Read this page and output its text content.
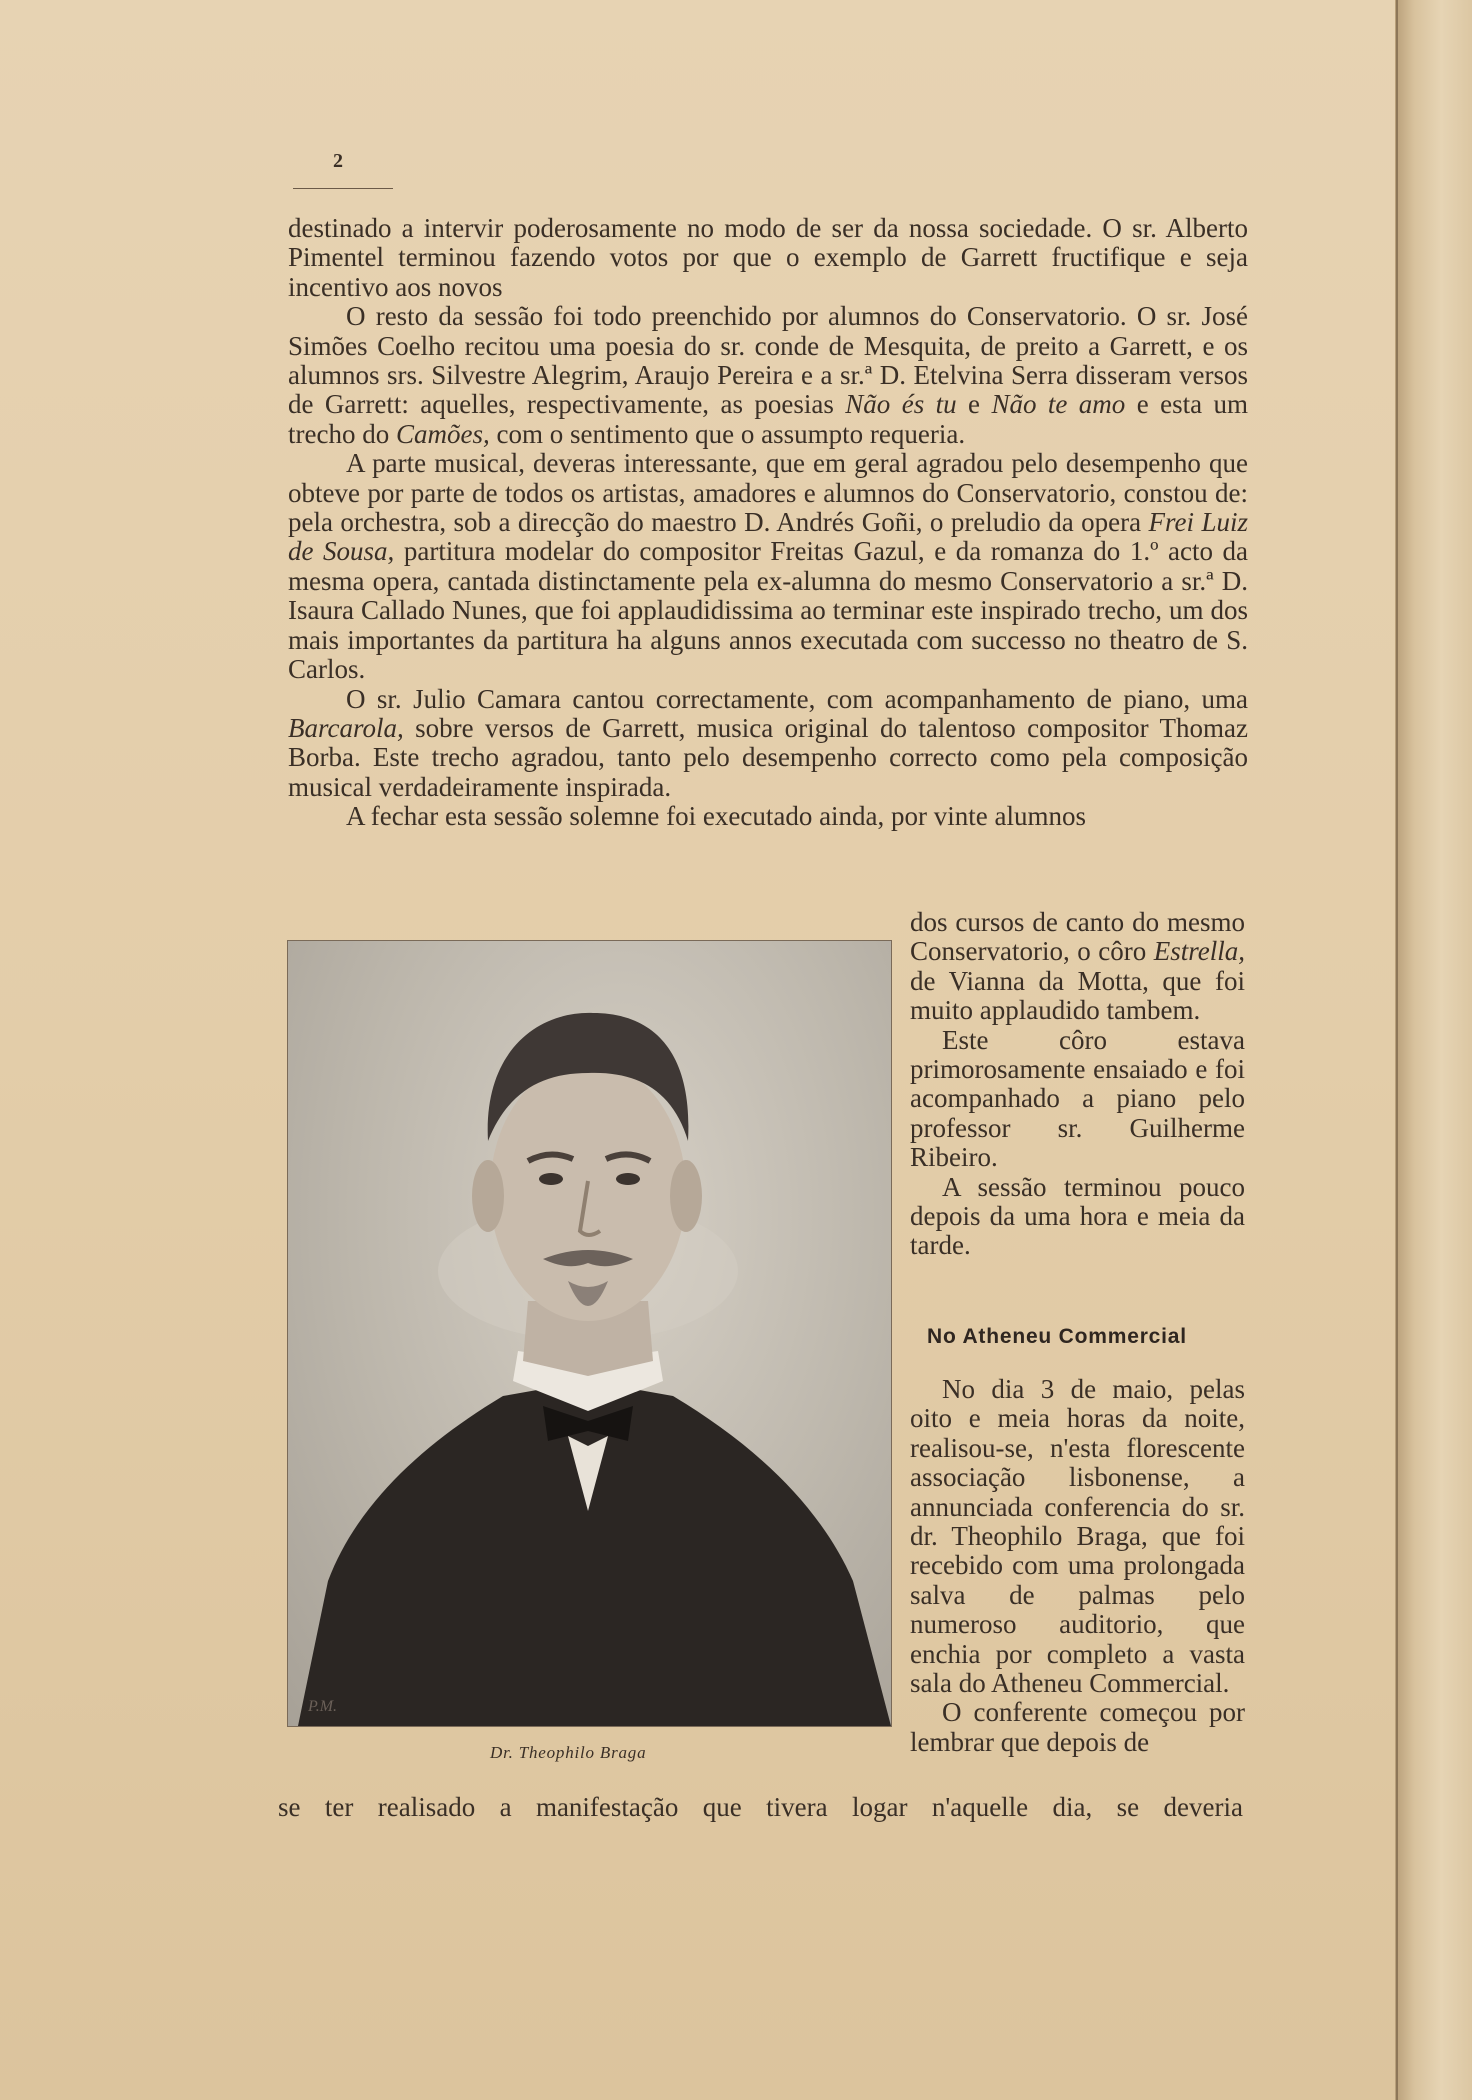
2

destinado a intervir poderosamente no modo de ser da nossa sociedade. O sr. Alberto Pimentel terminou fazendo votos por que o exemplo de Garrett fructifique e seja incentivo aos novos

O resto da sessão foi todo preenchido por alumnos do Conservatorio. O sr. José Simões Coelho recitou uma poesia do sr. conde de Mesquita, de preito a Garrett, e os alumnos srs. Silvestre Alegrim, Araujo Pereira e a sr.ª D. Etelvina Serra disseram versos de Garrett: aquelles, respectivamente, as poesias Não és tu e Não te amo e esta um trecho do Camões, com o sentimento que o assumpto requeria.

A parte musical, deveras interessante, que em geral agradou pelo desempenho que obteve por parte de todos os artistas, amadores e alumnos do Conservatorio, constou de: pela orchestra, sob a direcção do maestro D. Andrés Goñi, o preludio da opera Frei Luiz de Sousa, partitura modelar do compositor Freitas Gazul, e da romanza do 1.º acto da mesma opera, cantada distinctamente pela ex-alumna do mesmo Conservatorio a sr.ª D. Isaura Callado Nunes, que foi applaudidissima ao terminar este inspirado trecho, um dos mais importantes da partitura ha alguns annos executada com successo no theatro de S. Carlos.

O sr. Julio Camara cantou correctamente, com acompanhamento de piano, uma Barcarola, sobre versos de Garrett, musica original do talentoso compositor Thomaz Borba. Este trecho agradou, tanto pelo desempenho correcto como pela composição musical verdadeiramente inspirada.

A fechar esta sessão solemne foi executado ainda, por vinte alumnos

dos cursos de canto do mesmo Conservatorio, o côro Estrella, de Vianna da Motta, que foi muito applaudido tambem.

Este côro estava primorosamente ensaiado e foi acompanhado a piano pelo professor sr. Guilherme Ribeiro.

A sessão terminou pouco depois da uma hora e meia da tarde.

No Atheneu Commercial

No dia 3 de maio, pelas oito e meia horas da noite, realisou-se, n'esta florescente associação lisbonense, a annunciada conferencia do sr. dr. Theophilo Braga, que foi recebido com uma prolongada salva de palmas pelo numeroso auditorio, que enchia por completo a vasta sala do Atheneu Commercial.

O conferente começou por lembrar que depois de

P.M.
Dr. Theophilo Braga
se ter realisado a manifestação que tivera logar n'aquelle dia, se deveria
